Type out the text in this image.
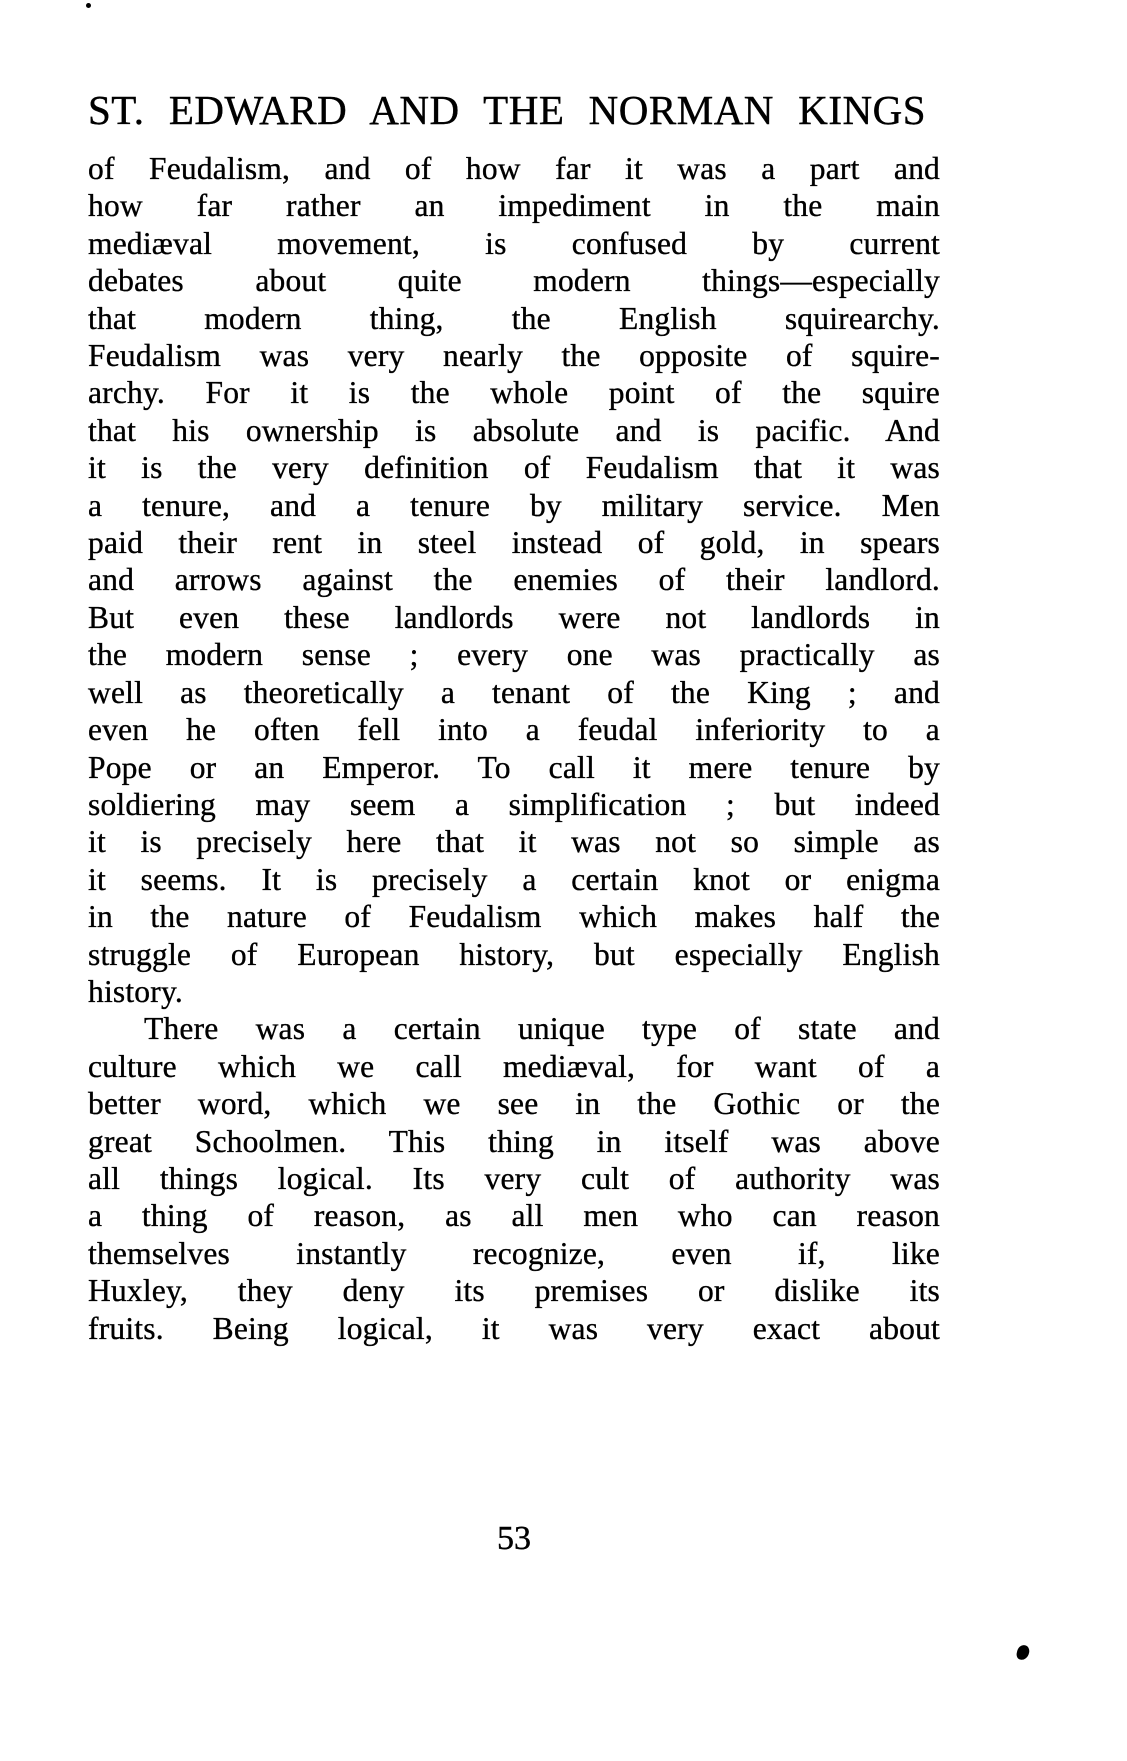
ST. EDWARD AND THE NORMAN KINGS
of Feudalism, and of how far it was a part and
how far rather an impediment in the main
mediæval movement, is confused by current
debates about quite modern things—especially
that modern thing, the English squirearchy.
Feudalism was very nearly the opposite of squire-
archy. For it is the whole point of the squire
that his ownership is absolute and is pacific. And
it is the very definition of Feudalism that it was
a tenure, and a tenure by military service. Men
paid their rent in steel instead of gold, in spears
and arrows against the enemies of their landlord.
But even these landlords were not landlords in
the modern sense ; every one was practically as
well as theoretically a tenant of the King ; and
even he often fell into a feudal inferiority to a
Pope or an Emperor. To call it mere tenure by
soldiering may seem a simplification ; but indeed
it is precisely here that it was not so simple as
it seems. It is precisely a certain knot or enigma
in the nature of Feudalism which makes half the
struggle of European history, but especially English
history.
There was a certain unique type of state and
culture which we call mediæval, for want of a
better word, which we see in the Gothic or the
great Schoolmen. This thing in itself was above
all things logical. Its very cult of authority was
a thing of reason, as all men who can reason
themselves instantly recognize, even if, like
Huxley, they deny its premises or dislike its
fruits. Being logical, it was very exact about
53
